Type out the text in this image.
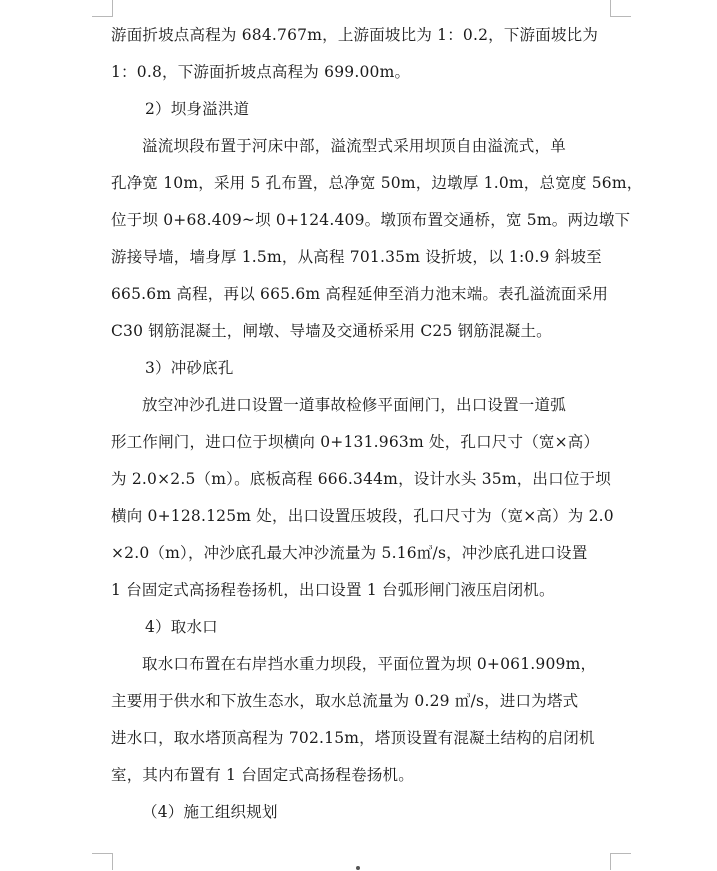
游面折坡点高程为 684.767m，上游面坡比为 1：0.2，下游面坡比为
1：0.8，下游面折坡点高程为 699.00m。
2）坝身溢洪道
溢流坝段布置于河床中部，溢流型式采用坝顶自由溢流式，单
孔净宽 10m，采用 5 孔布置，总净宽 50m，边墩厚 1.0m，总宽度 56m，
位于坝 0+68.409~坝 0+124.409。墩顶布置交通桥，宽 5m。两边墩下
游接导墙，墙身厚 1.5m，从高程 701.35m 设折坡，以 1:0.9 斜坡至
665.6m 高程，再以 665.6m 高程延伸至消力池末端。表孔溢流面采用
C30 钢筋混凝土，闸墩、导墙及交通桥采用 C25 钢筋混凝土。
3）冲砂底孔
放空冲沙孔进口设置一道事故检修平面闸门，出口设置一道弧
形工作闸门，进口位于坝横向 0+131.963m 处，孔口尺寸（宽×高）
为 2.0×2.5（m）。底板高程 666.344m，设计水头 35m，出口位于坝
横向 0+128.125m 处，出口设置压坡段，孔口尺寸为（宽×高）为 2.0
×2.0（m），冲沙底孔最大冲沙流量为 5.16㎥/s，冲沙底孔进口设置
1 台固定式高扬程卷扬机，出口设置 1 台弧形闸门液压启闭机。
4）取水口
取水口布置在右岸挡水重力坝段，平面位置为坝 0+061.909m，
主要用于供水和下放生态水，取水总流量为 0.29 ㎥/s，进口为塔式
进水口，取水塔顶高程为 702.15m，塔顶设置有混凝土结构的启闭机
室，其内布置有 1 台固定式高扬程卷扬机。
（4）施工组织规划
